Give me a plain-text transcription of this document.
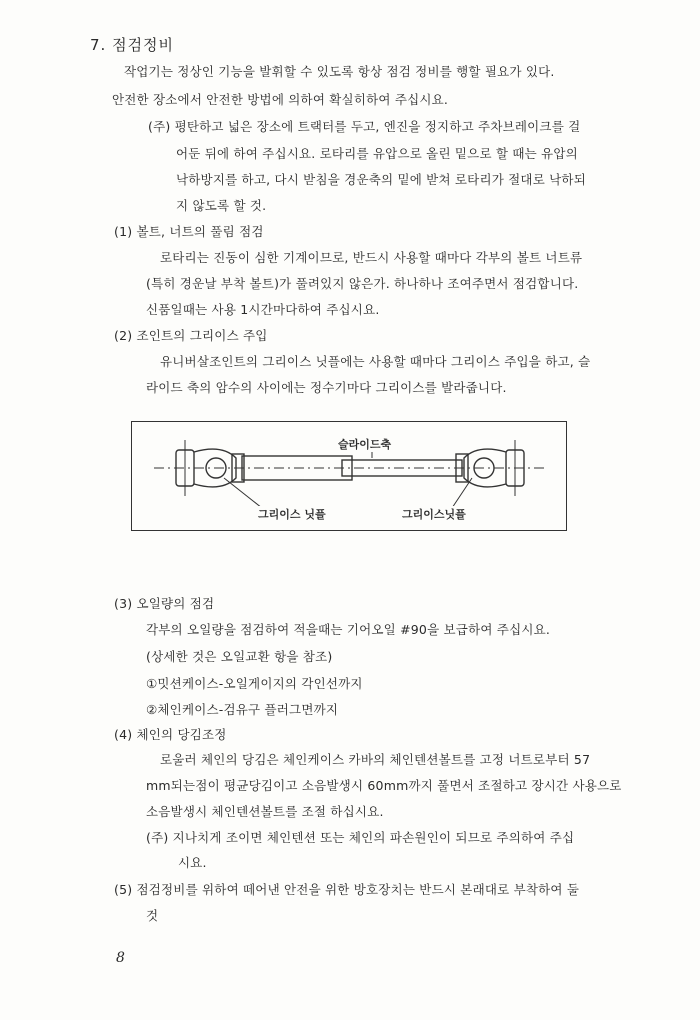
7. 점검정비
작업기는 정상인 기능을 발휘할 수 있도록 항상 점검 정비를 행할 필요가 있다.
안전한 장소에서 안전한 방법에 의하여 확실히하여 주십시요.
(주) 평탄하고 넓은 장소에 트랙터를 두고, 엔진을 정지하고 주차브레이크를 걸
어둔 뒤에 하여 주십시요. 로타리를 유압으로 올린 밑으로 할 때는 유압의
낙하방지를 하고, 다시 받침을 경운축의 밑에 받쳐 로타리가 절대로 낙하되
지 않도록 할 것.
(1) 볼트, 너트의 풀림 점검
로타리는 진동이 심한 기계이므로, 반드시 사용할 때마다 각부의 볼트 너트류
(특히 경운날 부착 볼트)가 풀려있지 않은가. 하나하나 조여주면서 점검합니다.
신품일때는 사용 1시간마다하여 주십시요.
(2) 조인트의 그리이스 주입
유니버살조인트의 그리이스 닛플에는 사용할 때마다 그리이스 주입을 하고, 슬
라이드 축의 암수의 사이에는 정수기마다 그리이스를 발라줍니다.
슬라이드축
그리이스 닛플	그리이스닛플
(3) 오일량의 점검
각부의 오일량을 점검하여 적을때는 기어오일 #90을 보급하여 주십시요.
(상세한 것은 오일교환 항을 참조)
①밋션케이스-오일게이지의 각인선까지
②체인케이스-검유구 플러그면까지
(4) 체인의 당김조정
로울러 체인의 당김은 체인케이스 카바의 체인텐션볼트를 고정 너트로부터 57
mm되는점이 평균당김이고 소음발생시 60mm까지 풀면서 조절하고 장시간 사용으로
소음발생시 체인텐션볼트를 조절 하십시요.
(주) 지나치게 조이면 체인텐션 또는 체인의 파손원인이 되므로 주의하여 주십
시요.
(5) 점검정비를 위하여 떼어낸 안전을 위한 방호장치는 반드시 본래대로 부착하여 둘
것
8
